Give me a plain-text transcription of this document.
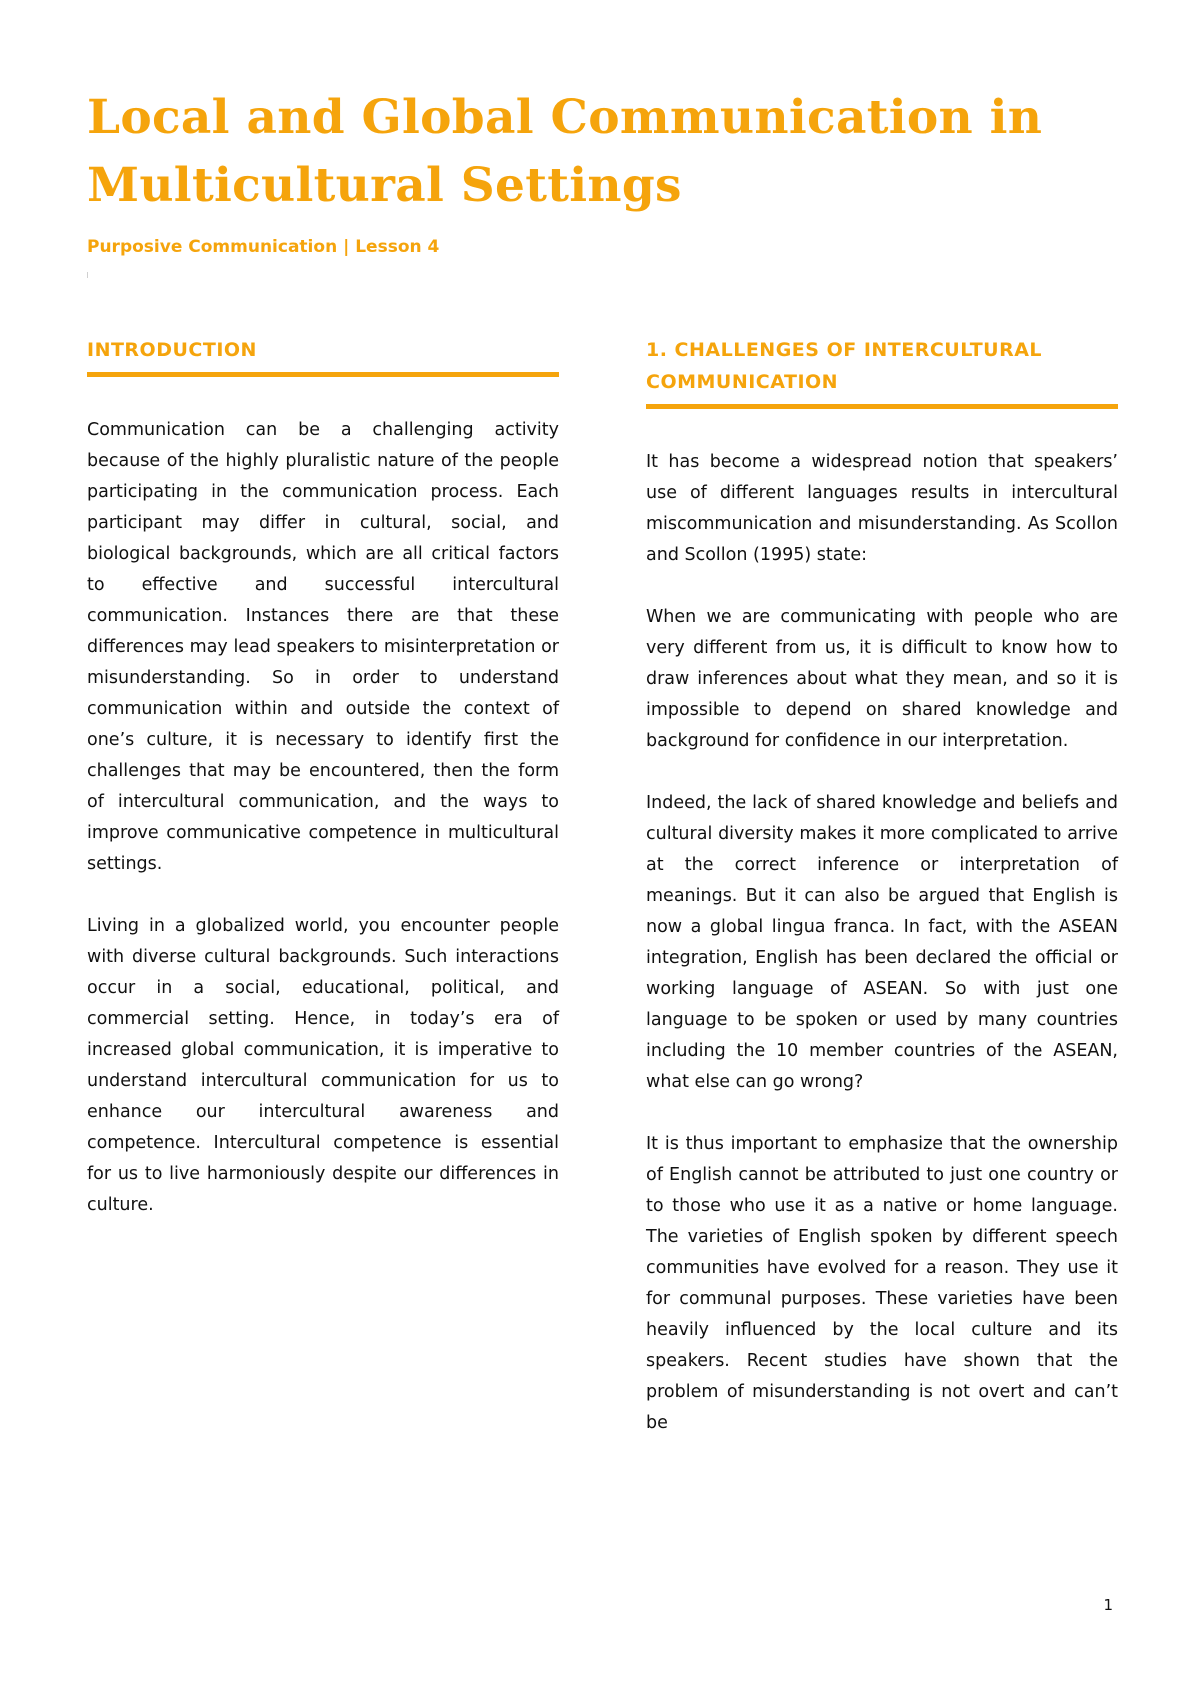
Local and Global Communication in Multicultural Settings

Purposive Communication | Lesson 4

INTRODUCTION

Communication can be a challenging activity because of the highly pluralistic nature of the people participating in the communication process. Each participant may differ in cultural, social, and biological backgrounds, which are all critical factors to effective and successful intercultural communication. Instances there are that these differences may lead speakers to misinterpretation or misunderstanding. So in order to understand communication within and outside the context of one’s culture, it is necessary to identify first the challenges that may be encountered, then the form of intercultural communication, and the ways to improve communicative competence in multicultural settings.

Living in a globalized world, you encounter people with diverse cultural backgrounds. Such interactions occur in a social, educational, political, and commercial setting. Hence, in today’s era of increased global communication, it is imperative to understand intercultural communication for us to enhance our intercultural awareness and competence. Intercultural competence is essential for us to live harmoniously despite our differences in culture.

1. CHALLENGES OF INTERCULTURAL COMMUNICATION

It has become a widespread notion that speakers’ use of different languages results in intercultural miscommunication and misunderstanding. As Scollon and Scollon (1995) state:

When we are communicating with people who are very different from us, it is difficult to know how to draw inferences about what they mean, and so it is impossible to depend on shared knowledge and background for confidence in our interpretation.

Indeed, the lack of shared knowledge and beliefs and cultural diversity makes it more complicated to arrive at the correct inference or interpretation of meanings. But it can also be argued that English is now a global lingua franca. In fact, with the ASEAN integration, English has been declared the official or working language of ASEAN. So with just one language to be spoken or used by many countries including the 10 member countries of the ASEAN, what else can go wrong?

It is thus important to emphasize that the ownership of English cannot be attributed to just one country or to those who use it as a native or home language. The varieties of English spoken by different speech communities have evolved for a reason. They use it for communal purposes. These varieties have been heavily influenced by the local culture and its speakers. Recent studies have shown that the problem of misunderstanding is not overt and can’t be

1
